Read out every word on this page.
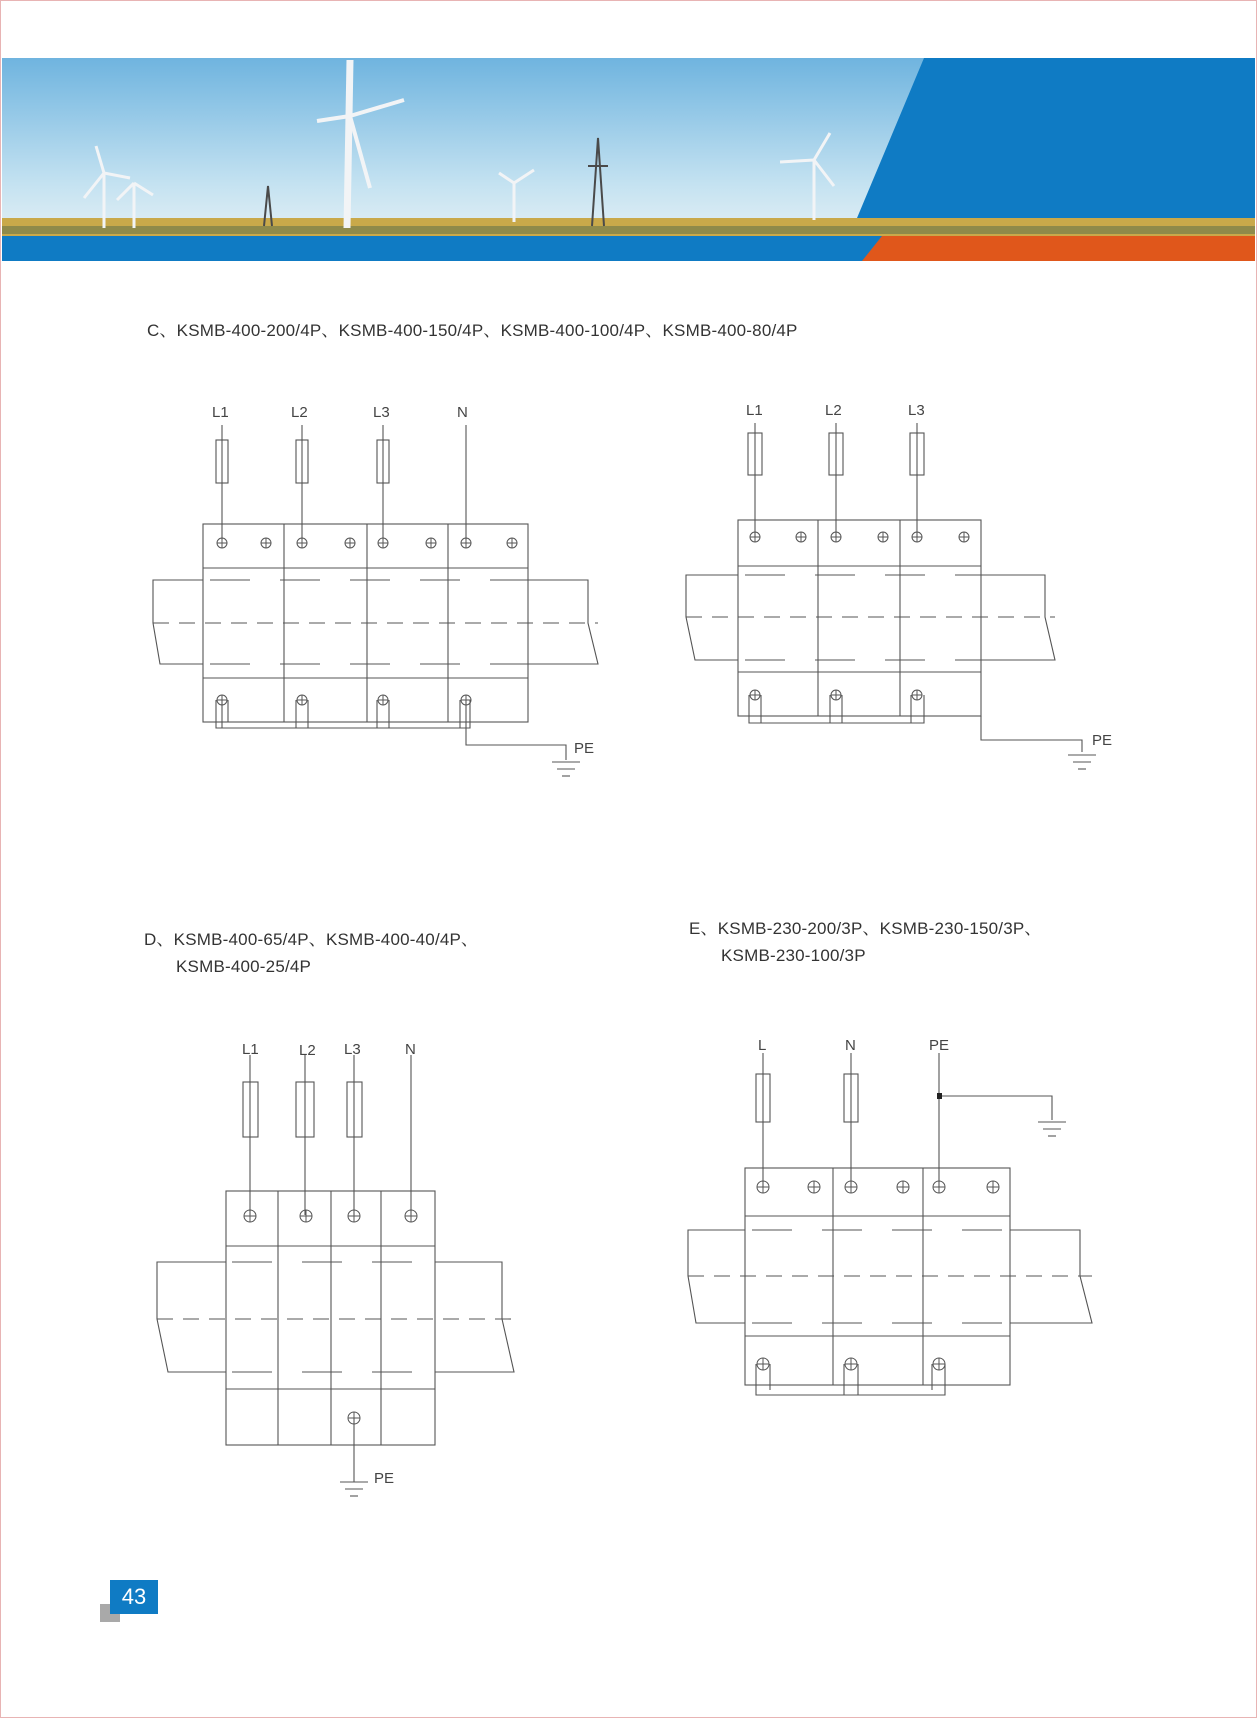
C、KSMB-400-200/4P、KSMB-400-150/4P、KSMB-400-100/4P、KSMB-400-80/4P
D、KSMB-400-65/4P、KSMB-400-40/4P、
KSMB-400-25/4P
E、KSMB-230-200/3P、KSMB-230-150/3P、
KSMB-230-100/3P
L1	L2	L3	N
PE
L1	L2	L3
PE
L1	L2 L3	N
PE
L	N	PE
43
